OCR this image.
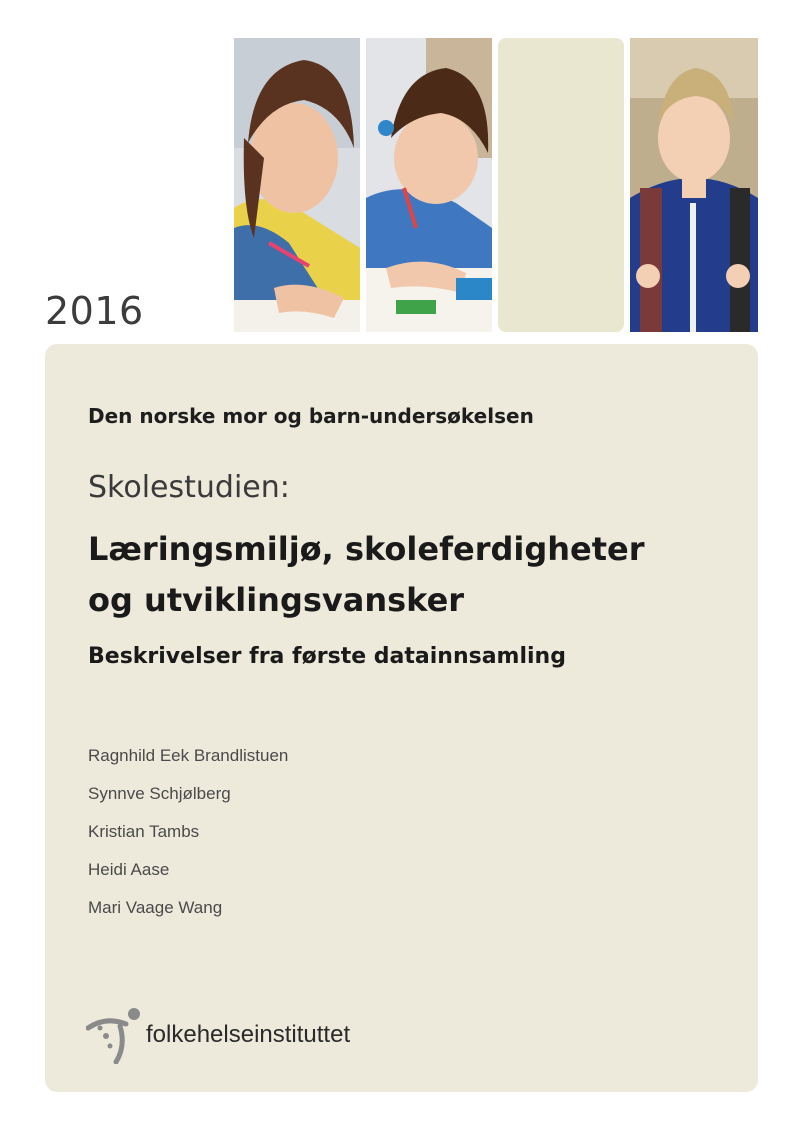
2016
Den norske mor og barn-undersøkelsen
Skolestudien:
Læringsmiljø, skoleferdigheter
og utviklingsvansker
Beskrivelser fra første datainnsamling
Ragnhild Eek Brandlistuen
Synnve Schjølberg
Kristian Tambs
Heidi Aase
Mari Vaage Wang
folkehelseinstituttet
